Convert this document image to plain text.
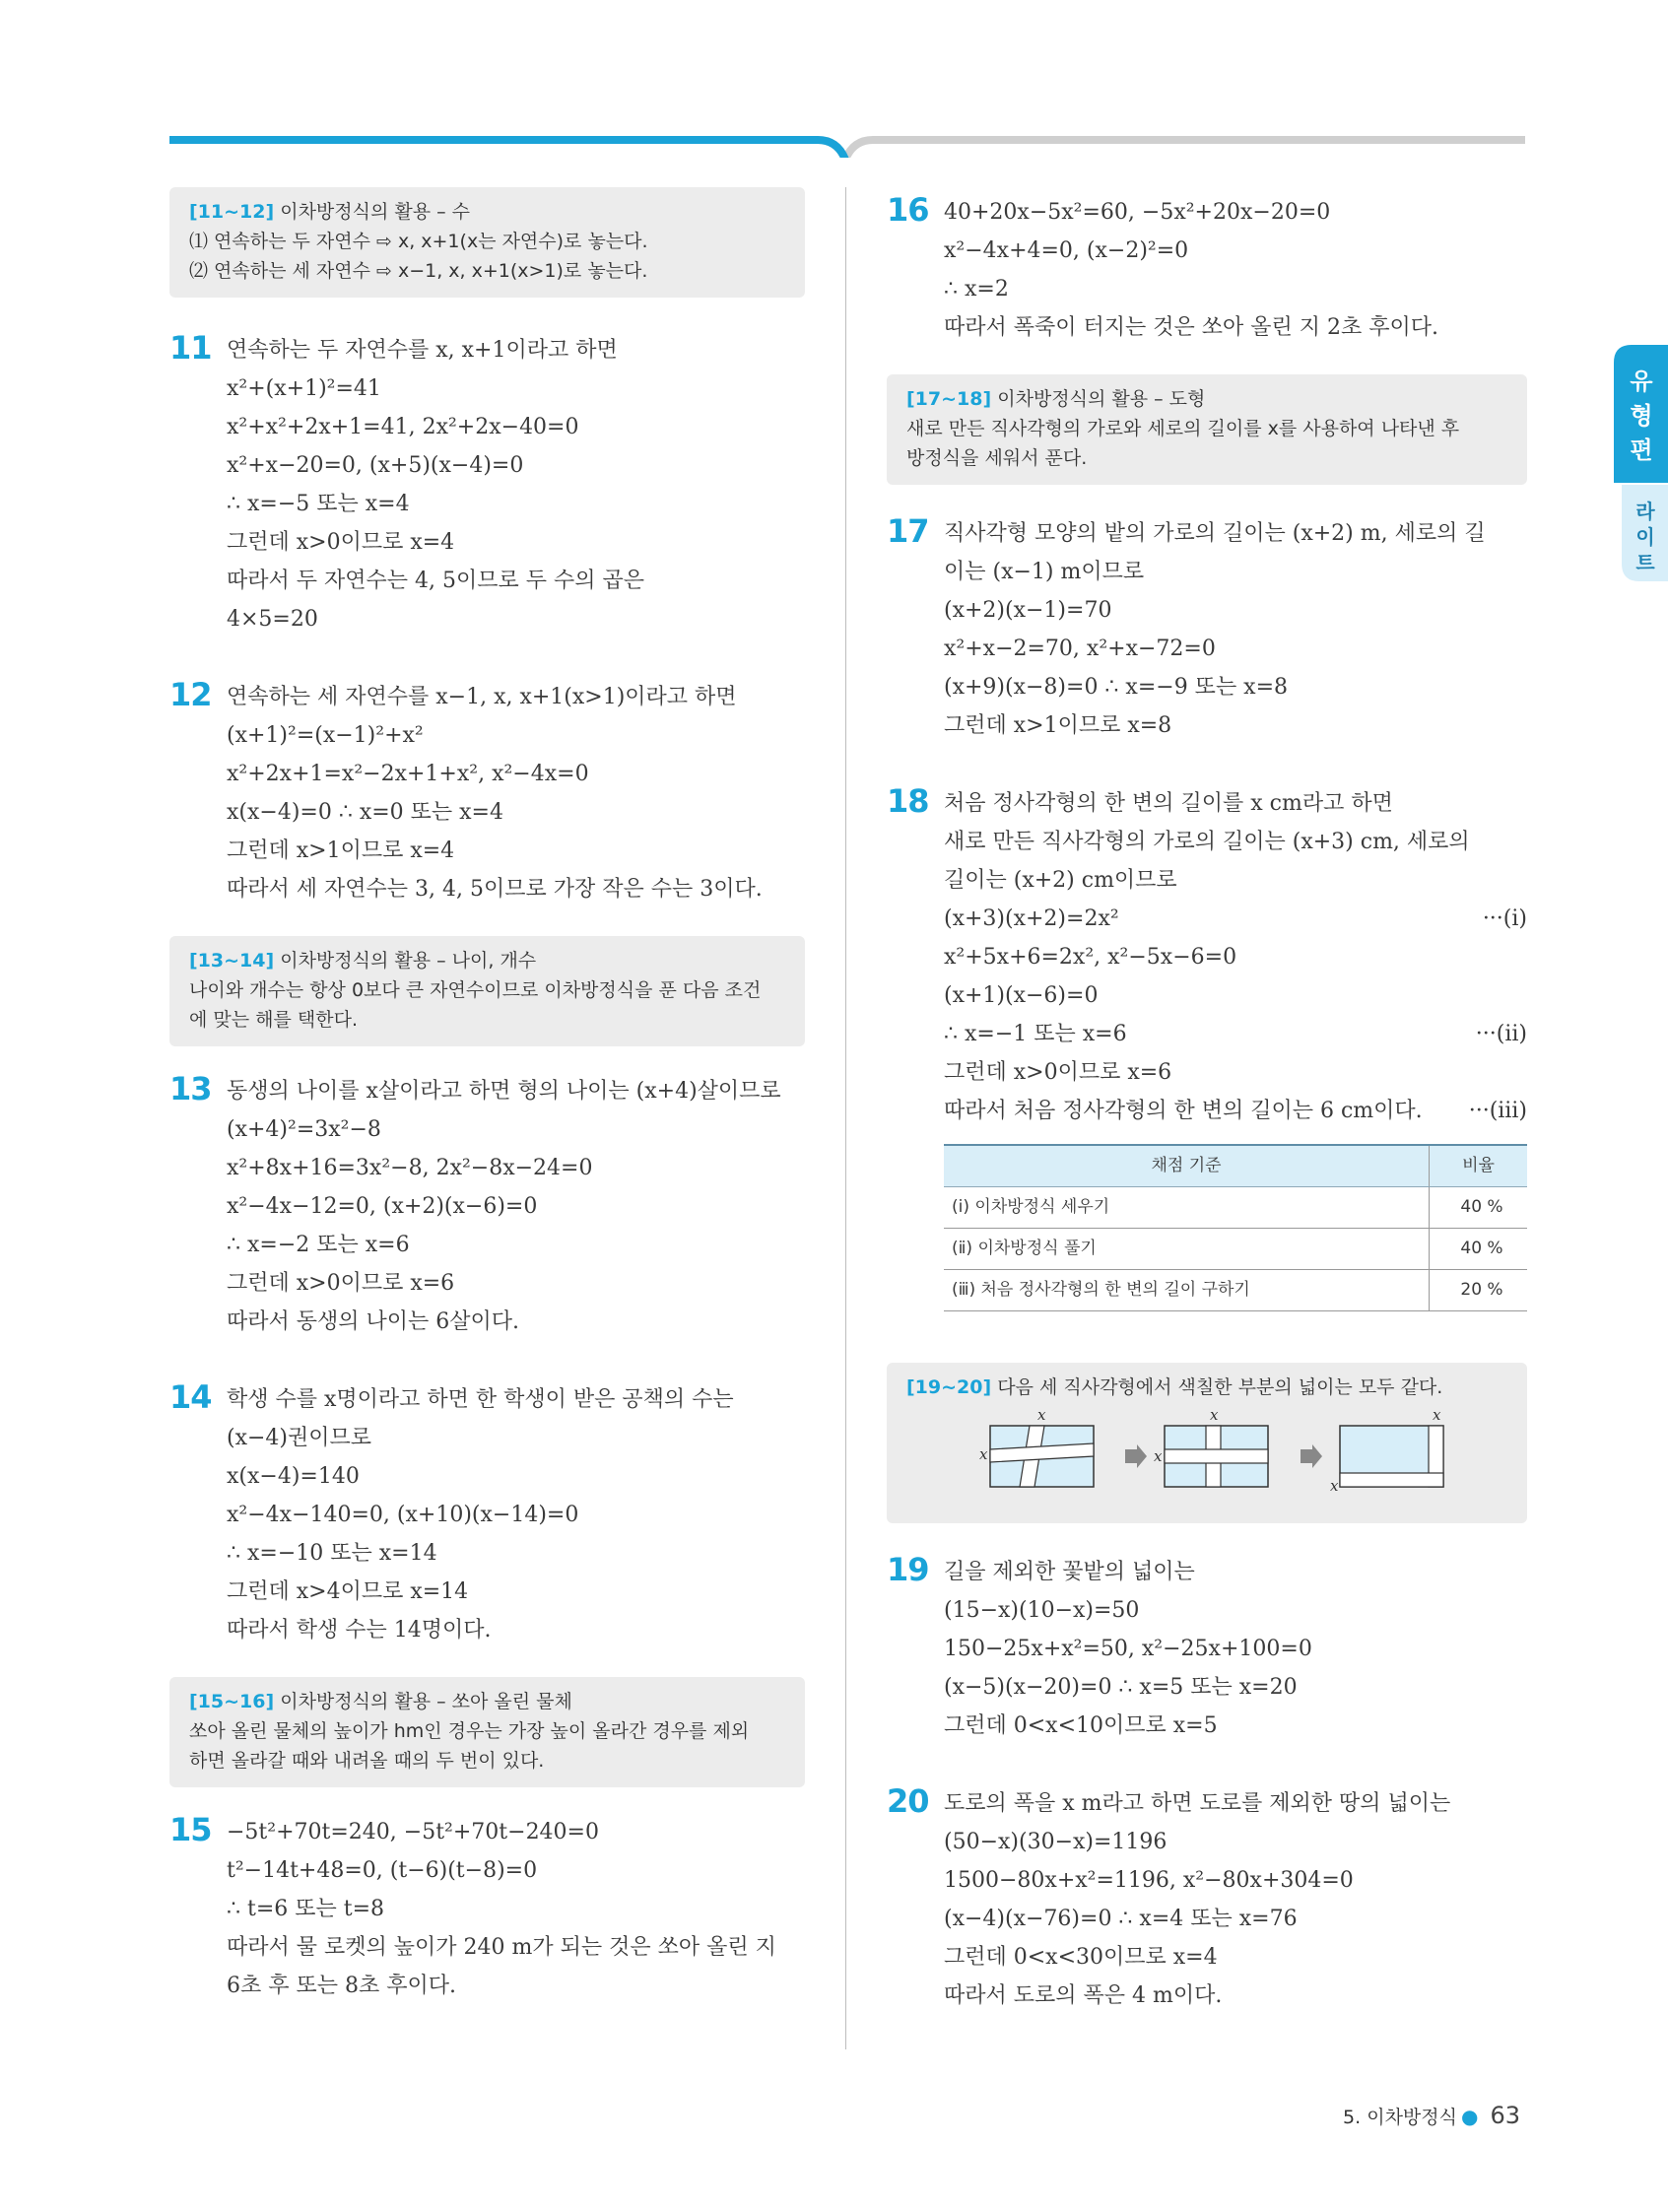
[11~12] 이차방정식의 활용 – 수
⑴ 연속하는 두 자연수 ⇨ x, x+1(x는 자연수)로 놓는다.
⑵ 연속하는 세 자연수 ⇨ x−1, x, x+1(x>1)로 놓는다.
11 연속하는 두 자연수를 x, x+1이라고 하면
x²+(x+1)²=41
x²+x²+2x+1=41, 2x²+2x−40=0
x²+x−20=0, (x+5)(x−4)=0
∴ x=−5 또는 x=4
그런데 x>0이므로 x=4
따라서 두 자연수는 4, 5이므로 두 수의 곱은
4×5=20
12 연속하는 세 자연수를 x−1, x, x+1(x>1)이라고 하면
(x+1)²=(x−1)²+x²
x²+2x+1=x²−2x+1+x², x²−4x=0
x(x−4)=0 ∴ x=0 또는 x=4
그런데 x>1이므로 x=4
따라서 세 자연수는 3, 4, 5이므로 가장 작은 수는 3이다.
[13~14] 이차방정식의 활용 – 나이, 개수
나이와 개수는 항상 0보다 큰 자연수이므로 이차방정식을 푼 다음 조건
에 맞는 해를 택한다.
13 동생의 나이를 x살이라고 하면 형의 나이는 (x+4)살이므로
(x+4)²=3x²−8
x²+8x+16=3x²−8, 2x²−8x−24=0
x²−4x−12=0, (x+2)(x−6)=0
∴ x=−2 또는 x=6
그런데 x>0이므로 x=6
따라서 동생의 나이는 6살이다.
14 학생 수를 x명이라고 하면 한 학생이 받은 공책의 수는
(x−4)권이므로
x(x−4)=140
x²−4x−140=0, (x+10)(x−14)=0
∴ x=−10 또는 x=14
그런데 x>4이므로 x=14
따라서 학생 수는 14명이다.
[15~16] 이차방정식의 활용 – 쏘아 올린 물체
쏘아 올린 물체의 높이가 hm인 경우는 가장 높이 올라간 경우를 제외
하면 올라갈 때와 내려올 때의 두 번이 있다.
15 −5t²+70t=240, −5t²+70t−240=0
t²−14t+48=0, (t−6)(t−8)=0
∴ t=6 또는 t=8
따라서 물 로켓의 높이가 240 m가 되는 것은 쏘아 올린 지
6초 후 또는 8초 후이다.
16 40+20x−5x²=60, −5x²+20x−20=0
x²−4x+4=0, (x−2)²=0
∴ x=2
따라서 폭죽이 터지는 것은 쏘아 올린 지 2초 후이다.
[17~18] 이차방정식의 활용 – 도형
새로 만든 직사각형의 가로와 세로의 길이를 x를 사용하여 나타낸 후
방정식을 세워서 푼다.
17 직사각형 모양의 밭의 가로의 길이는 (x+2) m, 세로의 길
이는 (x−1) m이므로
(x+2)(x−1)=70
x²+x−2=70, x²+x−72=0
(x+9)(x−8)=0 ∴ x=−9 또는 x=8
그런데 x>1이므로 x=8
18 처음 정사각형의 한 변의 길이를 x cm라고 하면
새로 만든 직사각형의 가로의 길이는 (x+3) cm, 세로의
길이는 (x+2) cm이므로
(x+3)(x+2)=2x²	···(ⅰ)
x²+5x+6=2x², x²−5x−6=0
(x+1)(x−6)=0
∴ x=−1 또는 x=6	···(ⅱ)
그런데 x>0이므로 x=6
따라서 처음 정사각형의 한 변의 길이는 6 cm이다. ···(ⅲ)
채점 기준	비율
(ⅰ) 이차방정식 세우기	40 %
(ⅱ) 이차방정식 풀기	40 %
(ⅲ) 처음 정사각형의 한 변의 길이 구하기	20 %
[19~20] 다음 세 직사각형에서 색칠한 부분의 넓이는 모두 같다.
x
x
x
x
x
x
19 길을 제외한 꽃밭의 넓이는
(15−x)(10−x)=50
150−25x+x²=50, x²−25x+100=0
(x−5)(x−20)=0 ∴ x=5 또는 x=20
그런데 0<x<10이므로 x=5
20 도로의 폭을 x m라고 하면 도로를 제외한 땅의 넓이는
(50−x)(30−x)=1196
1500−80x+x²=1196, x²−80x+304=0
(x−4)(x−76)=0 ∴ x=4 또는 x=76
그런데 0<x<30이므로 x=4
따라서 도로의 폭은 4 m이다.
유
형
편
라
이
트
5. 이차방정식 ● 63
